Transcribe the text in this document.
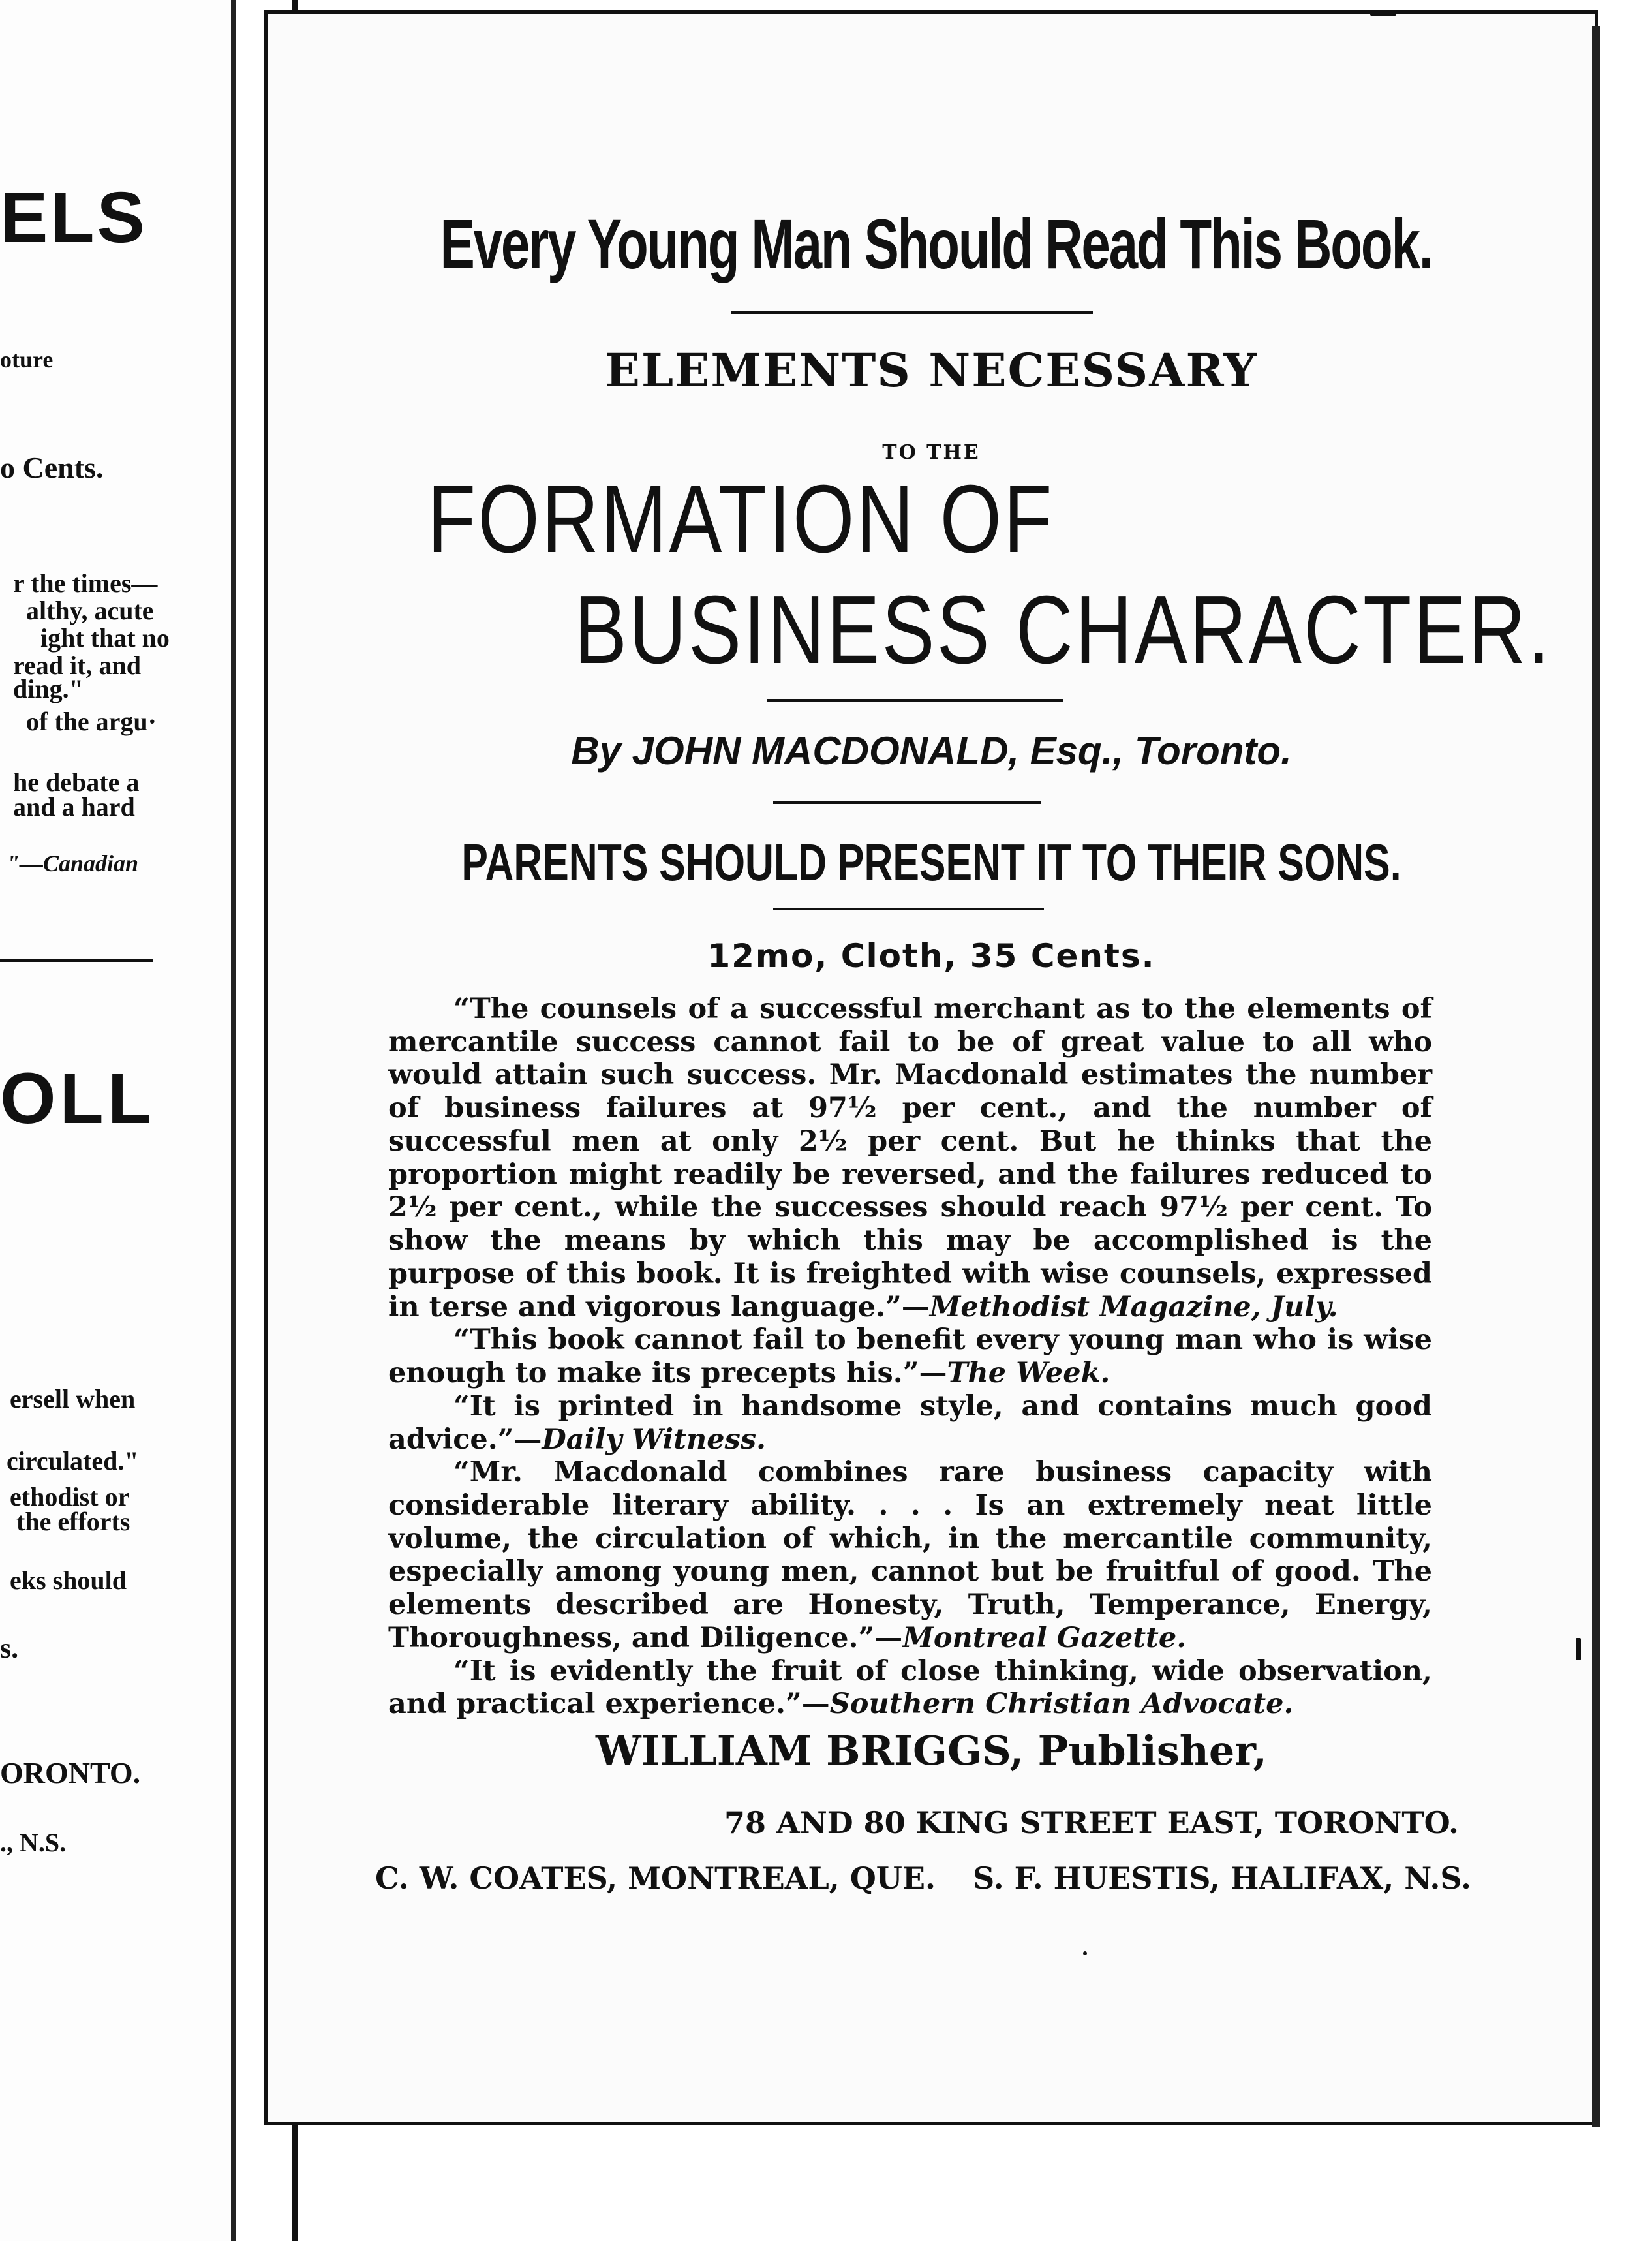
ELS
oture
o Cents.
r the times—
althy, acute
ight that no
read it, and
ding."
of the argu·
he debate a
and a hard
"—Canadian
OLL
ersell when
circulated."
ethodist or
the efforts
eks should
s.
ORONTO.
., N.S.
Every Young Man Should Read This Book.
ELEMENTS NECESSARY
TO THE
FORMATION OF
BUSINESS CHARACTER.
By JOHN MACDONALD, Esq., Toronto.
PARENTS SHOULD PRESENT IT TO THEIR SONS.
12mo, Cloth, 35 Cents.

“The counsels of a successful merchant as to the elements of mercantile success cannot fail to be of great value to all who would attain such success. Mr. Macdonald estimates the number of business failures at 97½ per cent., and the number of successful men at only 2½ per cent. But he thinks that the proportion might readily be reversed, and the failures reduced to 2½ per cent., while the successes should reach 97½ per cent. To show the means by which this may be accomplished is the purpose of this book. It is freighted with wise counsels, expressed in terse and vigorous language.”—Methodist Magazine, July.

“This book cannot fail to benefit every young man who is wise enough to make its precepts his.”—The Week.

“It is printed in handsome style, and contains much good advice.”—Daily Witness.

“Mr. Macdonald combines rare business capacity with considerable literary ability. . . . Is an extremely neat little volume, the circulation of which, in the mercantile community, especially among young men, cannot but be fruitful of good. The elements described are Honesty, Truth, Temperance, Energy, Thoroughness, and Diligence.”—Montreal Gazette.

“It is evidently the fruit of close thinking, wide observation, and practical experience.”—Southern Christian Advocate.

WILLIAM BRIGGS, Publisher,
78 AND 80 KING STREET EAST, TORONTO.
C. W. COATES, MONTREAL, QUE. S. F. HUESTIS, HALIFAX, N.S.
